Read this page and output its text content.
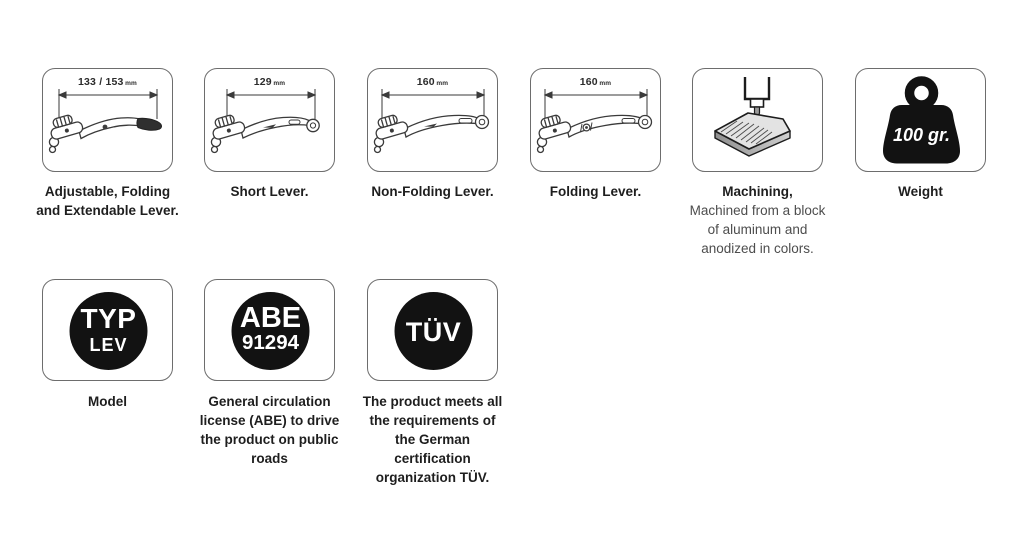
133 / 153 mm
Adjustable, Folding
and Extendable Lever.
129 mm
Short Lever.
160 mm
Non-Folding Lever.
160 mm
Folding Lever.	Machining,
Machined from a block
of aluminum and
anodized in colors.
100 gr.
Weight
TYP
LEV
Model
ABE
91294
General circulation
license (ABE) to drive
the product on public
roads
TÜV
The product meets all
the requirements of
the German
certification
organization TÜV.
